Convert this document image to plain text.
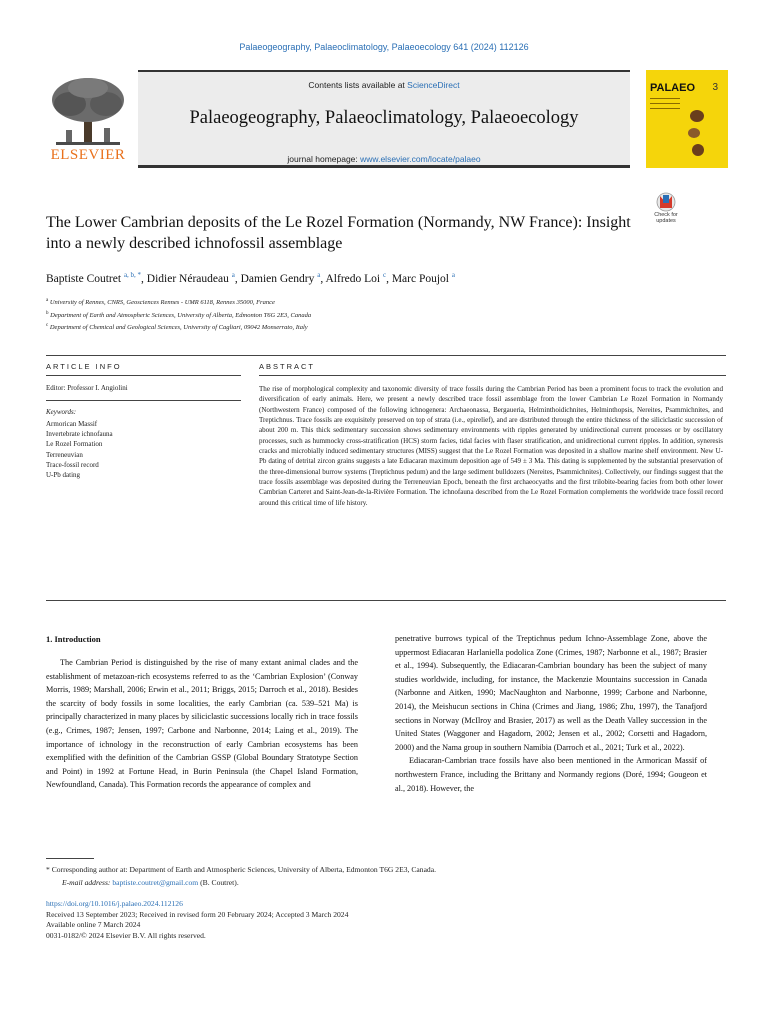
Palaeogeography, Palaeoclimatology, Palaeoecology 641 (2024) 112126
ELSEVIER
Contents lists available at ScienceDirect
Palaeogeography, Palaeoclimatology, Palaeoecology
journal homepage: www.elsevier.com/locate/palaeo
PALAEO 3
The Lower Cambrian deposits of the Le Rozel Formation (Normandy, NW France): Insight into a newly described ichnofossil assemblage
Check for updates
Baptiste Coutret $^{a, b, *}$, Didier Néraudeau $^a$, Damien Gendry $^a$, Alfredo Loi $^c$, Marc Poujol $^a$
$^a$ University of Rennes, CNRS, Geosciences Rennes - UMR 6118, Rennes 35000, France
$^b$ Department of Earth and Atmospheric Sciences, University of Alberta, Edmonton T6G 2E3, Canada
$^c$ Department of Chemical and Geological Sciences, University of Cagliari, 09042 Monserrato, Italy
ARTICLE INFO
Editor: Professor I. Angiolini
Keywords:
Armorican Massif
Invertebrate ichnofauna
Le Rozel Formation
Terreneuvian
Trace-fossil record
U-Pb dating
ABSTRACT
The rise of morphological complexity and taxonomic diversity of trace fossils during the Cambrian Period has been a prominent focus to track the evolution and diversification of early animals. Here, we present a newly described trace fossil assemblage from the lower Cambrian Le Rozel Formation in Normandy (Northwestern France) composed of the following ichnogenera: Archaeonassa, Bergaueria, Helminthoidichnites, Helminthopsis, Nereites, Psammichnites, and Treptichnus. Trace fossils are exquisitely preserved on top of strata (i.e., epirelief), and are distributed through the entire thickness of the siliciclastic succession of about 200 m. This thick sedimentary succession shows sedimentary environments with ripples generated by unidirectional current processes or by oscillatory processes, such as hummocky cross-stratification (HCS) storm facies, tidal facies with flaser stratification, and unidirectional current ripples. In addition, syneresis cracks and microbially induced sedimentary structures (MISS) suggest that the Le Rozel Formation was deposited in a shallow marine shelf environment. New U-Pb dating of detrital zircon grains suggests a late Ediacaran maximum deposition age of 549 ± 3 Ma. This dating is supplemented by the substantial preservation of the three-dimensional burrow systems (Treptichnus pedum) and the large sediment bulldozers (Nereites, Psammichnites). Collectively, our findings suggest that the trace fossils assemblage was deposited during the Terreneuvian Epoch, beneath the first archaeocyaths and the first trilobite-bearing facies from both other lower Cambrian Carteret and Saint-Jean-de-la-Rivière Formation. The ichnofauna described from the Le Rozel Formation complements the worldwide trace fossil record around this critical time of life history.
1. Introduction

The Cambrian Period is distinguished by the rise of many extant animal clades and the establishment of metazoan-rich ecosystems referred to as the ‘Cambrian Explosion’ (Conway Morris, 1989; Marshall, 2006; Erwin et al., 2011; Briggs, 2015; Darroch et al., 2018). Besides the scarcity of body fossils in some localities, the early Cambrian (ca. 539–521 Ma) is principally characterized in many places by siliciclastic successions locally rich in trace fossils (e.g., Crimes, 1987; Jensen, 1997; Carbone and Narbonne, 2014; Laing et al., 2019). The importance of ichnology in the reconstruction of early Cambrian ecosystems has been exemplified with the definition of the Cambrian GSSP (Global Boundary Stratotype Section and Point) in 1992 at Fortune Head, in Burin Peninsula (the Chapel Island Formation, Newfoundland, Canada). This Formation records the appearance of complex and

penetrative burrows typical of the Treptichnus pedum Ichno-Assemblage Zone, above the uppermost Ediacaran Harlaniella podolica Zone (Crimes, 1987; Narbonne et al., 1987; Brasier et al., 1994). Subsequently, the Ediacaran-Cambrian boundary has been the subject of many studies worldwide, including, for instance, the Mackenzie Mountains succession in Canada (Narbonne and Aitken, 1990; MacNaughton and Narbonne, 1999; Carbone and Narbonne, 2014), the Meishucun sections in China (Crimes and Jiang, 1986; Zhu, 1997), the Tanafjord sections in Norway (McIlroy and Brasier, 2017) as well as the Death Valley succession in the United States (Waggoner and Hagadorn, 2002; Jensen et al., 2002; Corsetti and Hagadorn, 2000) and the Nama group in southern Namibia (Darroch et al., 2021; Turk et al., 2022).

Ediacaran-Cambrian trace fossils have also been mentioned in the Armorican Massif of northwestern France, including the Brittany and Normandy regions (Doré, 1994; Gougeon et al., 2018). However, the

* Corresponding author at: Department of Earth and Atmospheric Sciences, University of Alberta, Edmonton T6G 2E3, Canada.
E-mail address: baptiste.coutret@gmail.com (B. Coutret).
https://doi.org/10.1016/j.palaeo.2024.112126
Received 13 September 2023; Received in revised form 20 February 2024; Accepted 3 March 2024
Available online 7 March 2024
0031-0182/© 2024 Elsevier B.V. All rights reserved.
